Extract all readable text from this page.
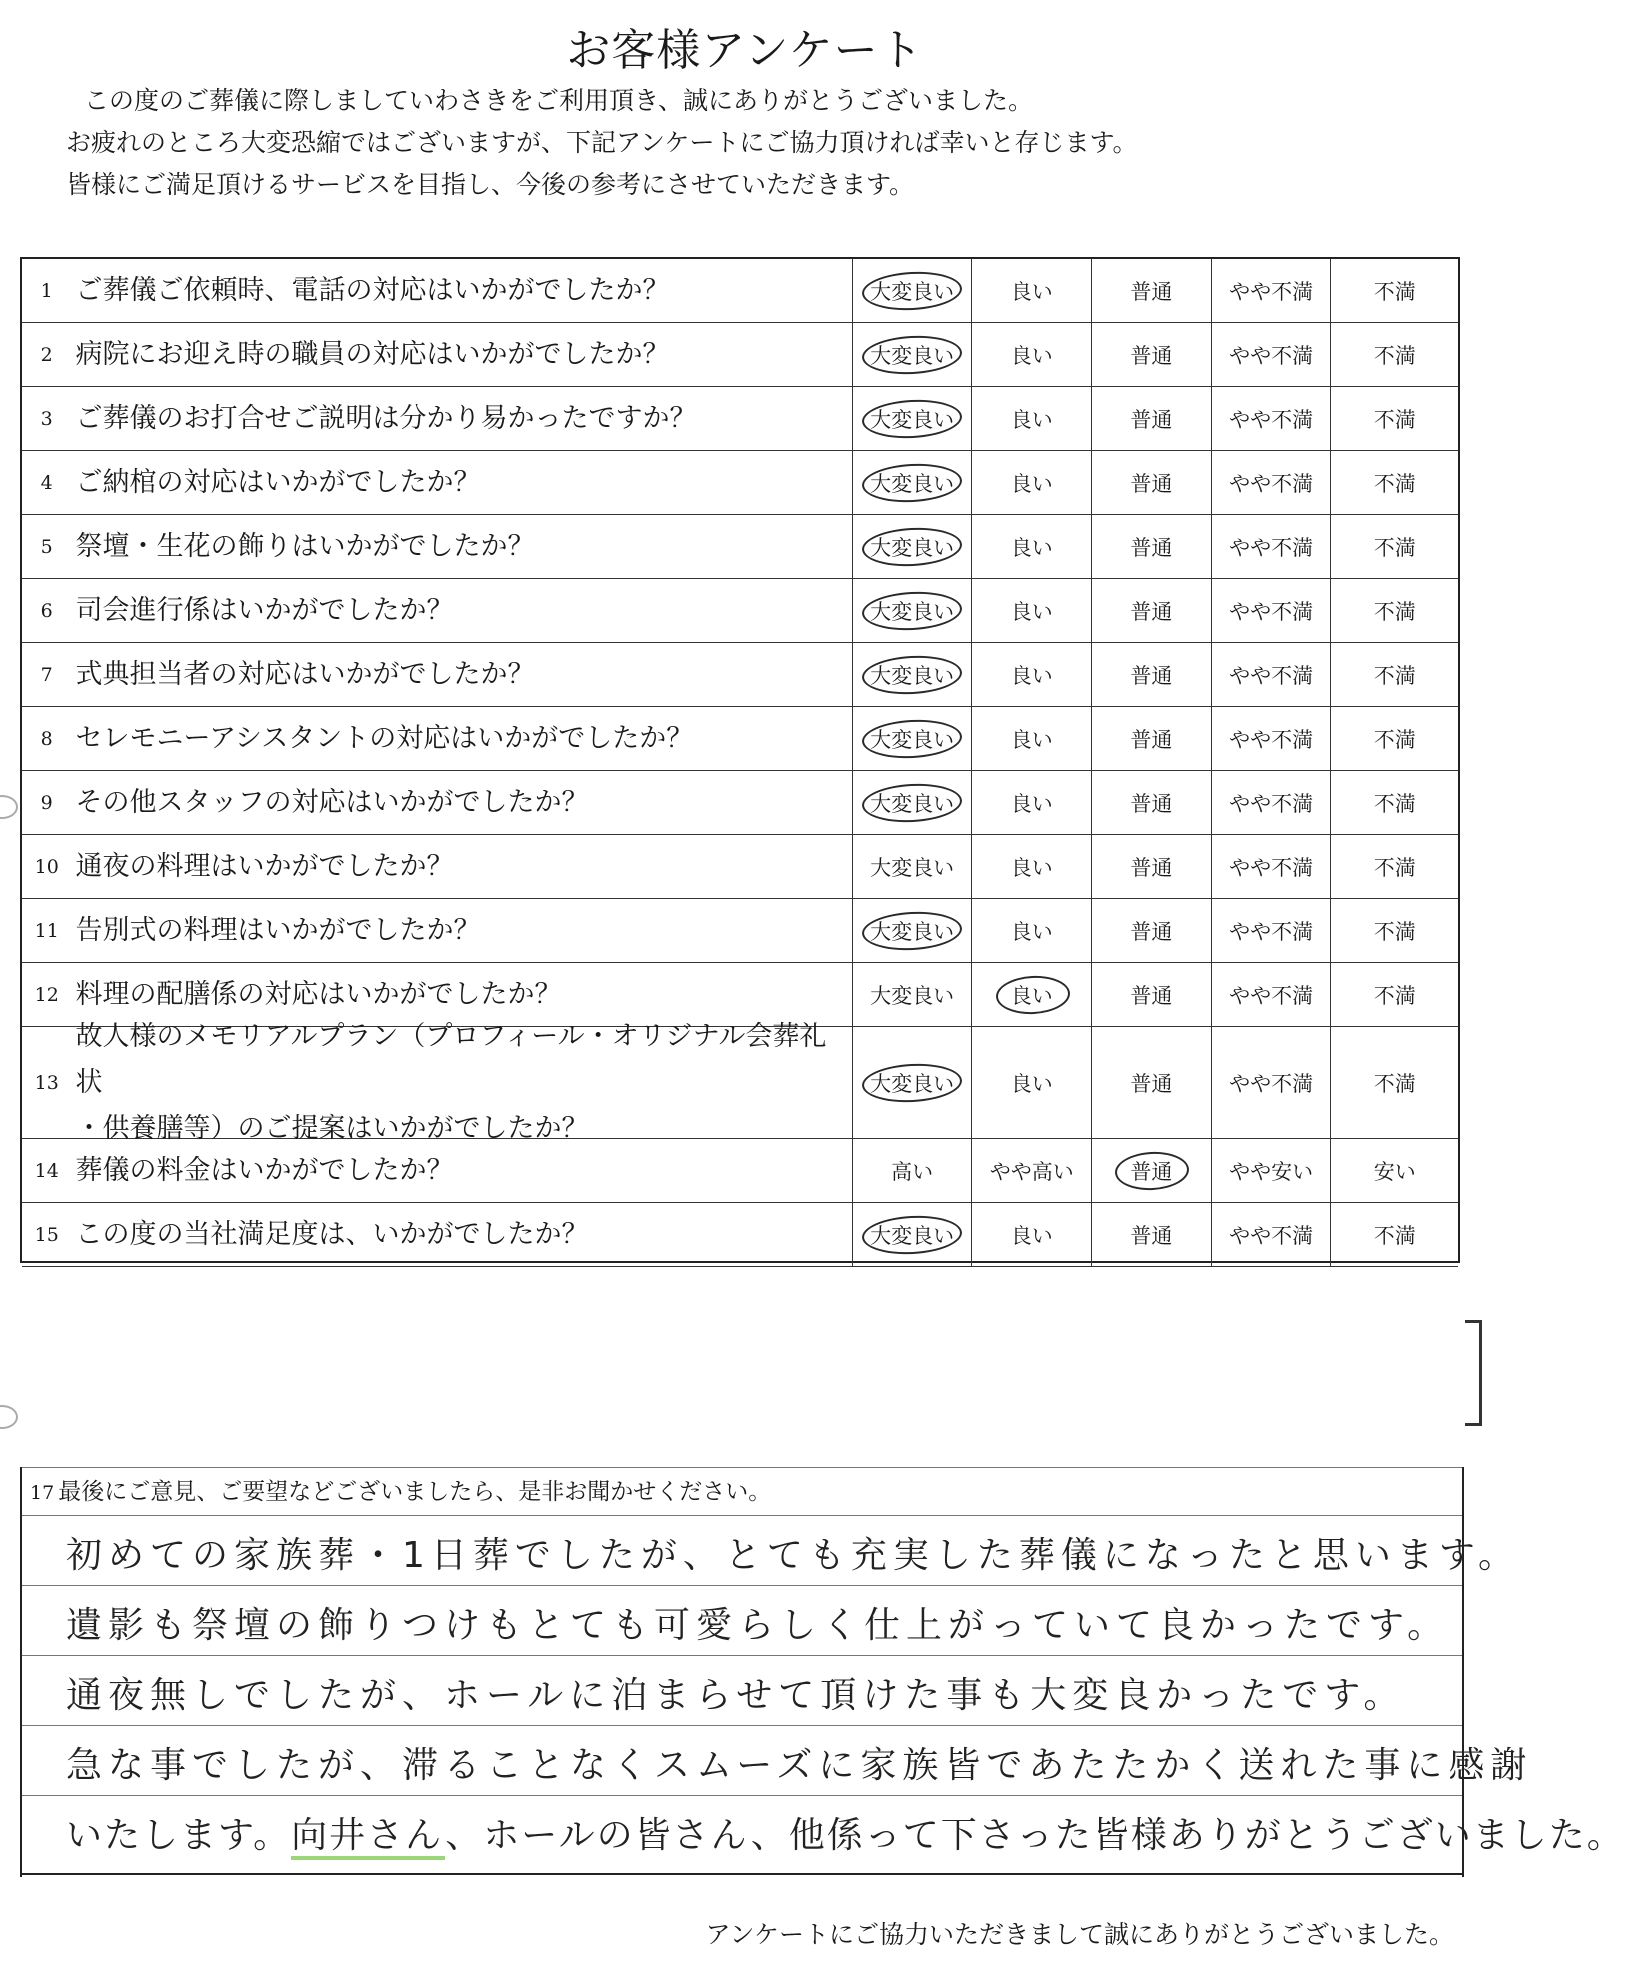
お客様アンケート
この度のご葬儀に際しましていわさきをご利用頂き、誠にありがとうございました。
お疲れのところ大変恐縮ではございますが、下記アンケートにご協力頂ければ幸いと存じます。
皆様にご満足頂けるサービスを目指し、今後の参考にさせていただきます。
1 ご葬儀ご依頼時、電話の対応はいかがでしたか？	大変良い	良い	普通	やや不満	不満
2 病院にお迎え時の職員の対応はいかがでしたか？	大変良い	良い	普通	やや不満	不満
3 ご葬儀のお打合せご説明は分かり易かったですか？	大変良い	良い	普通	やや不満	不満
4 ご納棺の対応はいかがでしたか？	大変良い	良い	普通	やや不満	不満
5 祭壇・生花の飾りはいかがでしたか？	大変良い	良い	普通	やや不満	不満
6 司会進行係はいかがでしたか？	大変良い	良い	普通	やや不満	不満
7 式典担当者の対応はいかがでしたか？	大変良い	良い	普通	やや不満	不満
8 セレモニーアシスタントの対応はいかがでしたか？	大変良い	良い	普通	やや不満	不満
9 その他スタッフの対応はいかがでしたか？	大変良い	良い	普通	やや不満	不満
10 通夜の料理はいかがでしたか？	大変良い	良い	普通	やや不満	不満
11 告別式の料理はいかがでしたか？	大変良い	良い	普通	やや不満	不満
12 料理の配膳係の対応はいかがでしたか？	大変良い	良い	普通	やや不満	不満
13
故人様のメモリアルプラン（プロフィール・オリジナル会葬礼状
・供養膳等）のご提案はいかがでしたか？
大変良い	良い	普通	やや不満	不満
14 葬儀の料金はいかがでしたか？	高い	やや高い	普通	やや安い	安い
15 この度の当社満足度は、いかがでしたか？	大変良い	良い	普通	やや不満	不満
17 最後にご意見、ご要望などございましたら、是非お聞かせください。
初めての家族葬・1日葬でしたが、とても充実した葬儀になったと思います。
遺影も祭壇の飾りつけもとても可愛らしく仕上がっていて良かったです。
通夜無しでしたが、ホールに泊まらせて頂けた事も大変良かったです。
急な事でしたが、滞ることなくスムーズに家族皆であたたかく送れた事に感謝
いたします。向井さん、ホールの皆さん、他係って下さった皆様ありがとうございました。
アンケートにご協力いただきまして誠にありがとうございました。
